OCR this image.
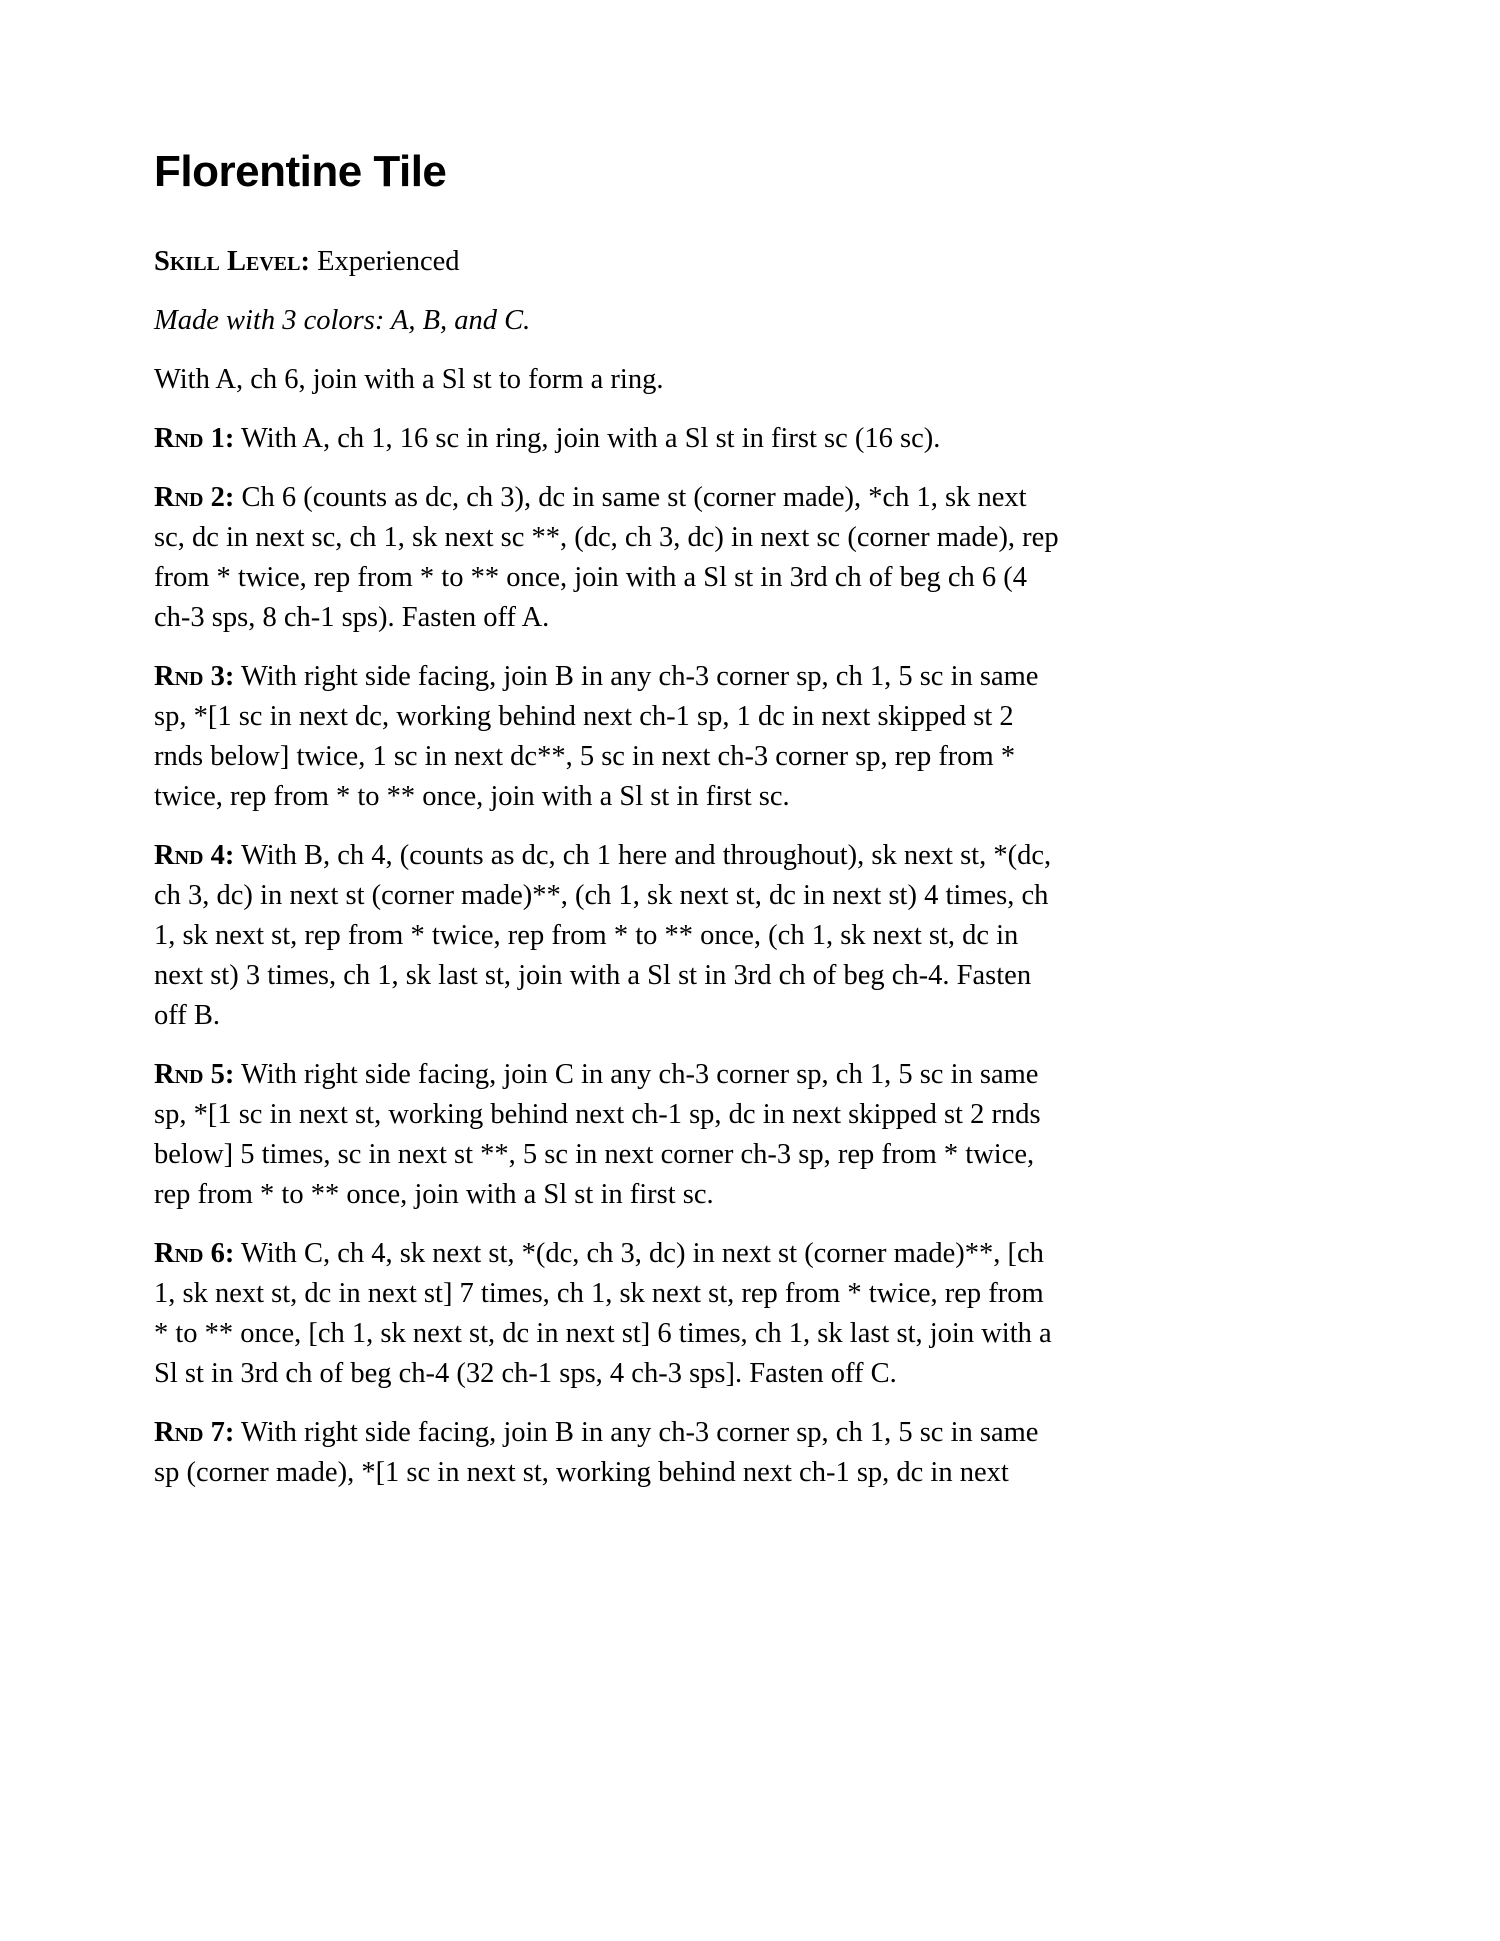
Florentine Tile

Skill Level: Experienced

Made with 3 colors: A, B, and C.

With A, ch 6, join with a Sl st to form a ring.

Rnd 1: With A, ch 1, 16 sc in ring, join with a Sl st in first sc (16 sc).

Rnd 2: Ch 6 (counts as dc, ch 3), dc in same st (corner made), *ch 1, sk next sc, dc in next sc, ch 1, sk next sc **, (dc, ch 3, dc) in next sc (corner made), rep from * twice, rep from * to ** once, join with a Sl st in 3rd ch of beg ch 6 (4 ch-3 sps, 8 ch-1 sps). Fasten off A.

Rnd 3: With right side facing, join B in any ch-3 corner sp, ch 1, 5 sc in same sp, *[1 sc in next dc, working behind next ch-1 sp, 1 dc in next skipped st 2 rnds below] twice, 1 sc in next dc**, 5 sc in next ch-3 corner sp, rep from * twice, rep from * to ** once, join with a Sl st in first sc.

Rnd 4: With B, ch 4, (counts as dc, ch 1 here and throughout), sk next st, *(dc, ch 3, dc) in next st (corner made)**, (ch 1, sk next st, dc in next st) 4 times, ch 1, sk next st, rep from * twice, rep from * to ** once, (ch 1, sk next st, dc in next st) 3 times, ch 1, sk last st, join with a Sl st in 3rd ch of beg ch-4. Fasten off B.

Rnd 5: With right side facing, join C in any ch-3 corner sp, ch 1, 5 sc in same sp, *[1 sc in next st, working behind next ch-1 sp, dc in next skipped st 2 rnds below] 5 times, sc in next st **, 5 sc in next corner ch-3 sp, rep from * twice, rep from * to ** once, join with a Sl st in first sc.

Rnd 6: With C, ch 4, sk next st, *(dc, ch 3, dc) in next st (corner made)**, [ch 1, sk next st, dc in next st] 7 times, ch 1, sk next st, rep from * twice, rep from * to ** once, [ch 1, sk next st, dc in next st] 6 times, ch 1, sk last st, join with a Sl st in 3rd ch of beg ch-4 (32 ch-1 sps, 4 ch-3 sps]. Fasten off C.

Rnd 7: With right side facing, join B in any ch-3 corner sp, ch 1, 5 sc in same sp (corner made), *[1 sc in next st, working behind next ch-1 sp, dc in next
